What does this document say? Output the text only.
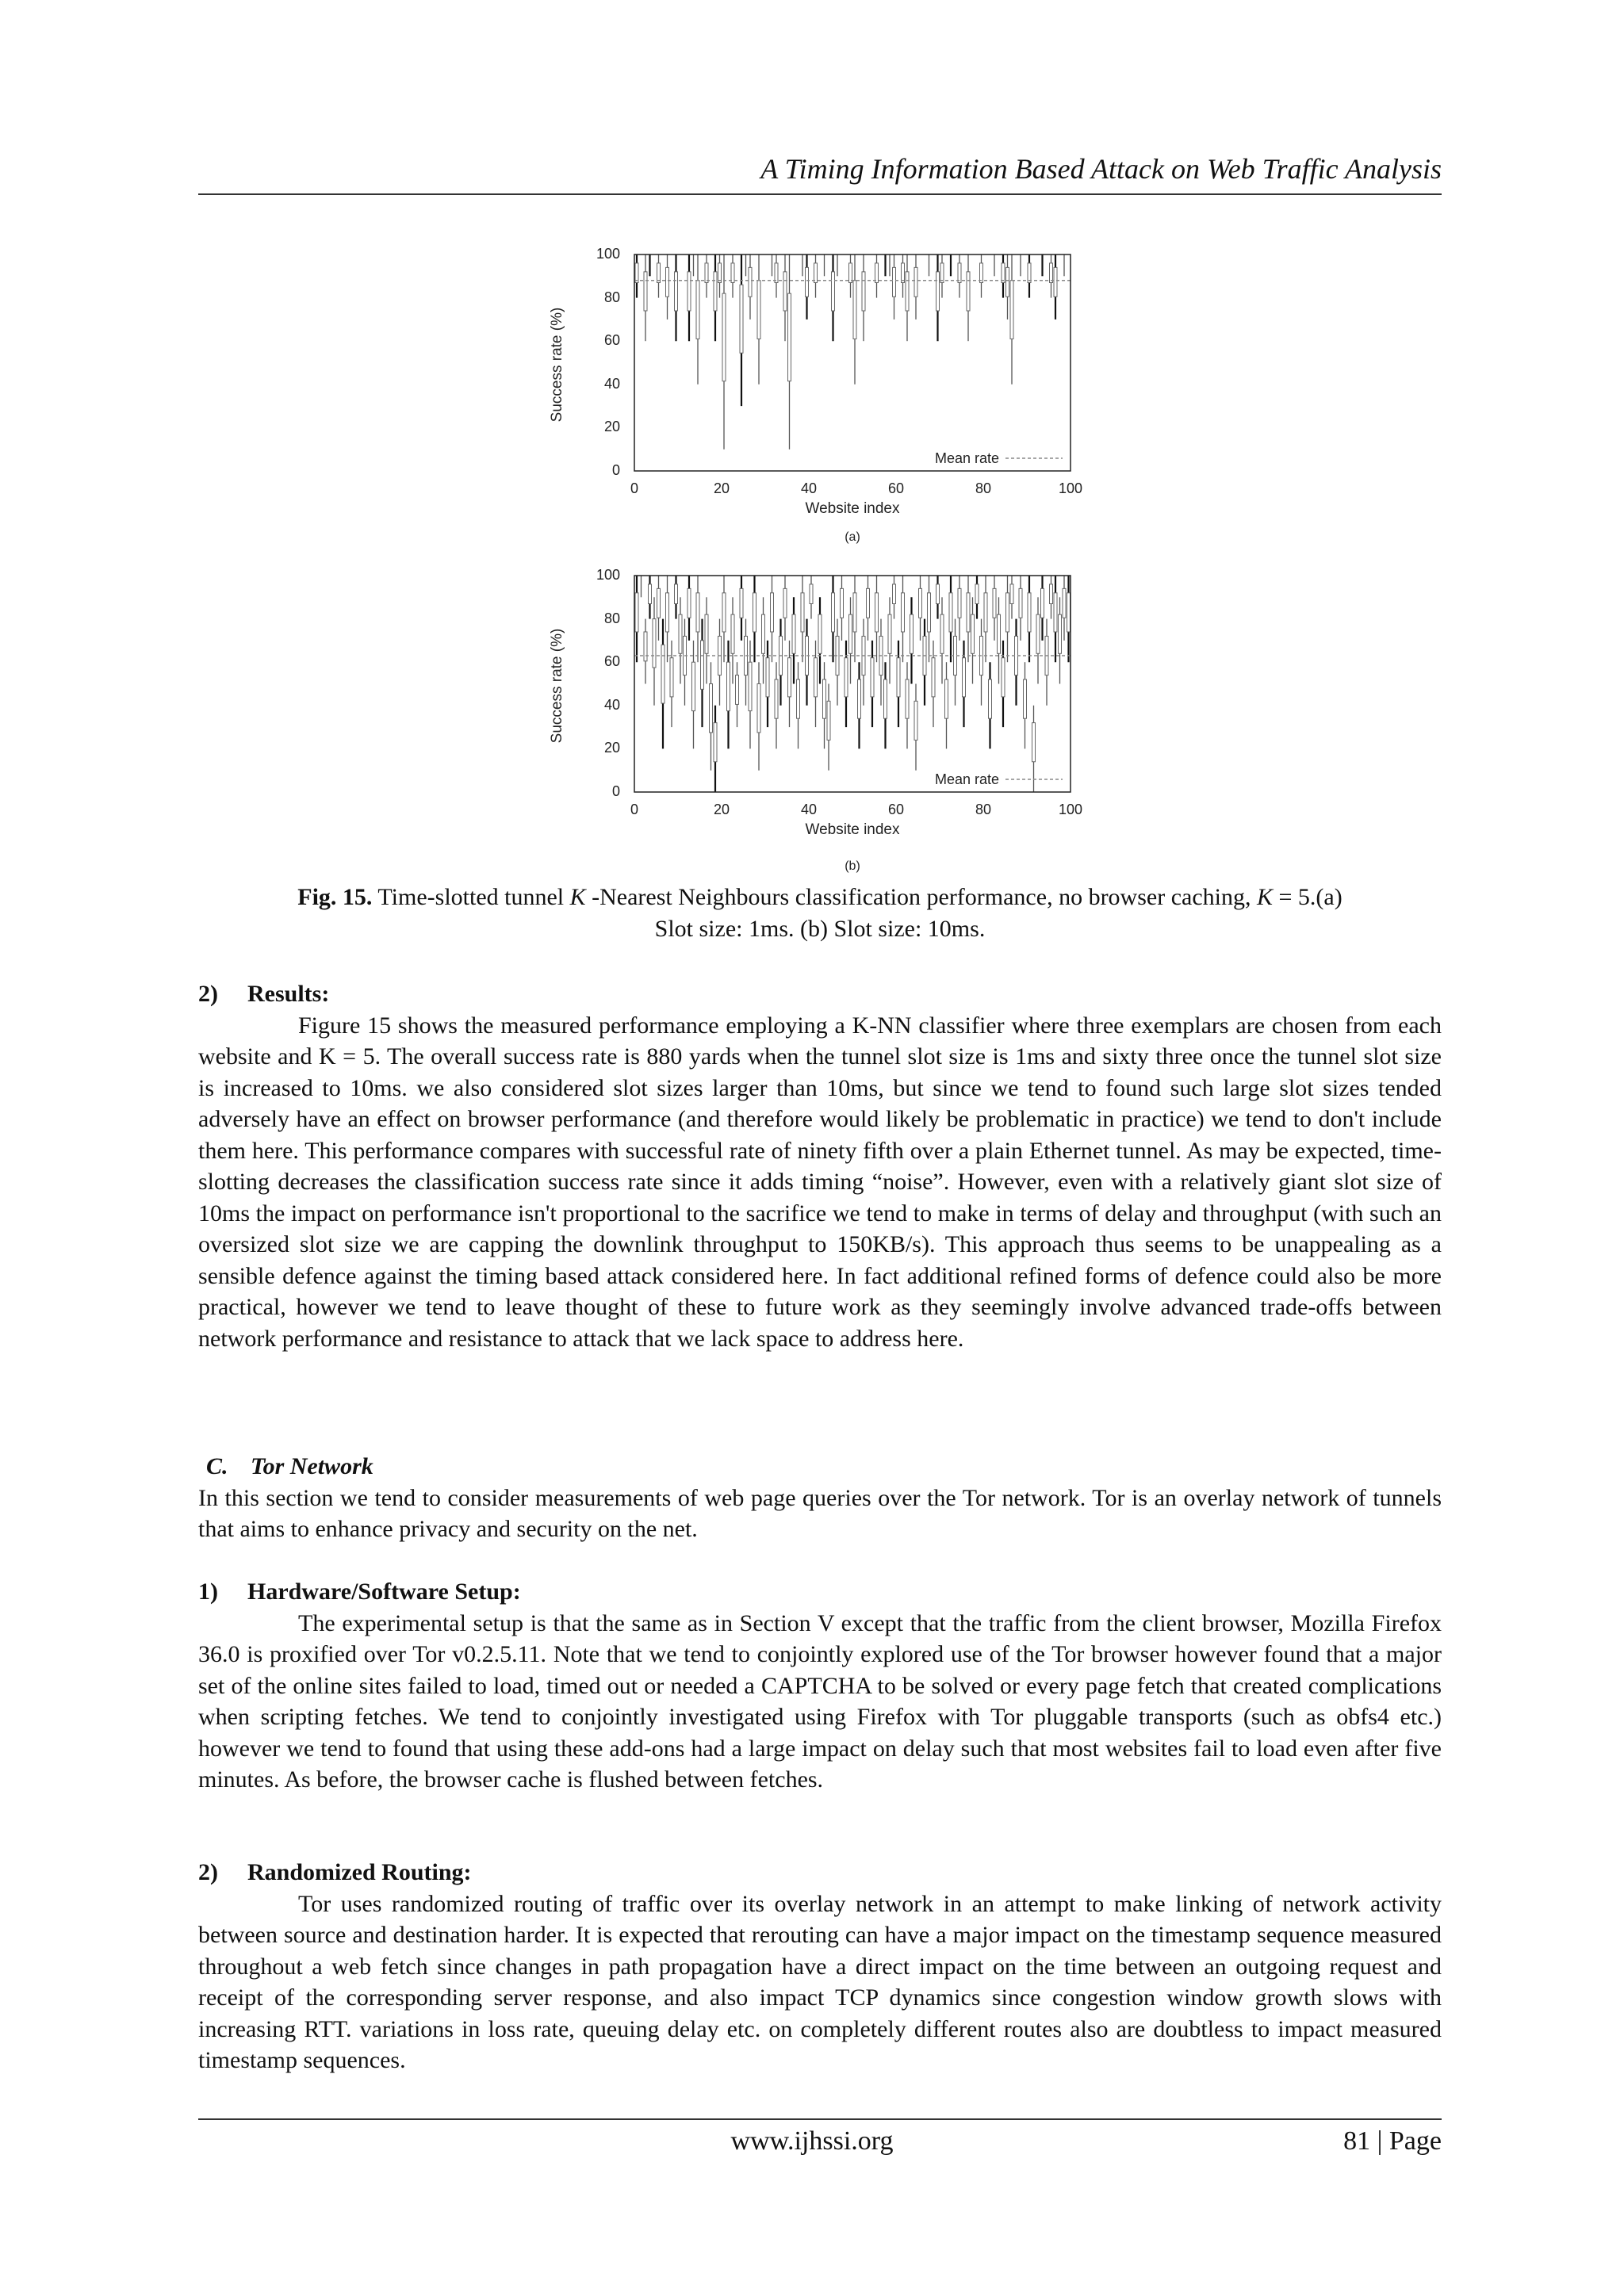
A Timing Information Based Attack on Web Traffic Analysis
Success rate (%)
0
20
40
60
80
100
0	20	40	60	80	100
Mean rate
Website index
(a)
Success rate (%)
0
20
40
60
80
100
0	20	40	60	80	100
Mean rate
Website index
(b)
Fig. 15. Time-slotted tunnel K -Nearest Neighbours classification performance, no browser caching, K = 5.(a)
Slot size: 1ms. (b) Slot size: 10ms.

2) Results:

Figure 15 shows the measured performance employing a K-NN classifier where three exemplars are chosen from each website and K = 5. The overall success rate is 880 yards when the tunnel slot size is 1ms and sixty three once the tunnel slot size is increased to 10ms. we also considered slot sizes larger than 10ms, but since we tend to found such large slot sizes tended adversely have an effect on browser performance (and therefore would likely be problematic in practice) we tend to don't include them here. This performance compares with successful rate of ninety fifth over a plain Ethernet tunnel. As may be expected, time-slotting decreases the classification success rate since it adds timing “noise”. However, even with a relatively giant slot size of 10ms the impact on performance isn't proportional to the sacrifice we tend to make in terms of delay and throughput (with such an oversized slot size we are capping the downlink throughput to 150KB/s). This approach thus seems to be unappealing as a sensible defence against the timing based attack considered here. In fact additional refined forms of defence could also be more practical, however we tend to leave thought of these to future work as they seemingly involve advanced trade-offs between network performance and resistance to attack that we lack space to address here.

C. Tor Network

In this section we tend to consider measurements of web page queries over the Tor network. Tor is an overlay network of tunnels that aims to enhance privacy and security on the net.

1) Hardware/Software Setup:

The experimental setup is that the same as in Section V except that the traffic from the client browser, Mozilla Firefox 36.0 is proxified over Tor v0.2.5.11. Note that we tend to conjointly explored use of the Tor browser however found that a major set of the online sites failed to load, timed out or needed a CAPTCHA to be solved or every page fetch that created complications when scripting fetches. We tend to conjointly investigated using Firefox with Tor pluggable transports (such as obfs4 etc.) however we tend to found that using these add-ons had a large impact on delay such that most websites fail to load even after five minutes. As before, the browser cache is flushed between fetches.

2) Randomized Routing:

Tor uses randomized routing of traffic over its overlay network in an attempt to make linking of network activity between source and destination harder. It is expected that rerouting can have a major impact on the timestamp sequence measured throughout a web fetch since changes in path propagation have a direct impact on the time between an outgoing request and receipt of the corresponding server response, and also impact TCP dynamics since congestion window growth slows with increasing RTT. variations in loss rate, queuing delay etc. on completely different routes also are doubtless to impact measured timestamp sequences.

www.ijhssi.org	81 | Page
